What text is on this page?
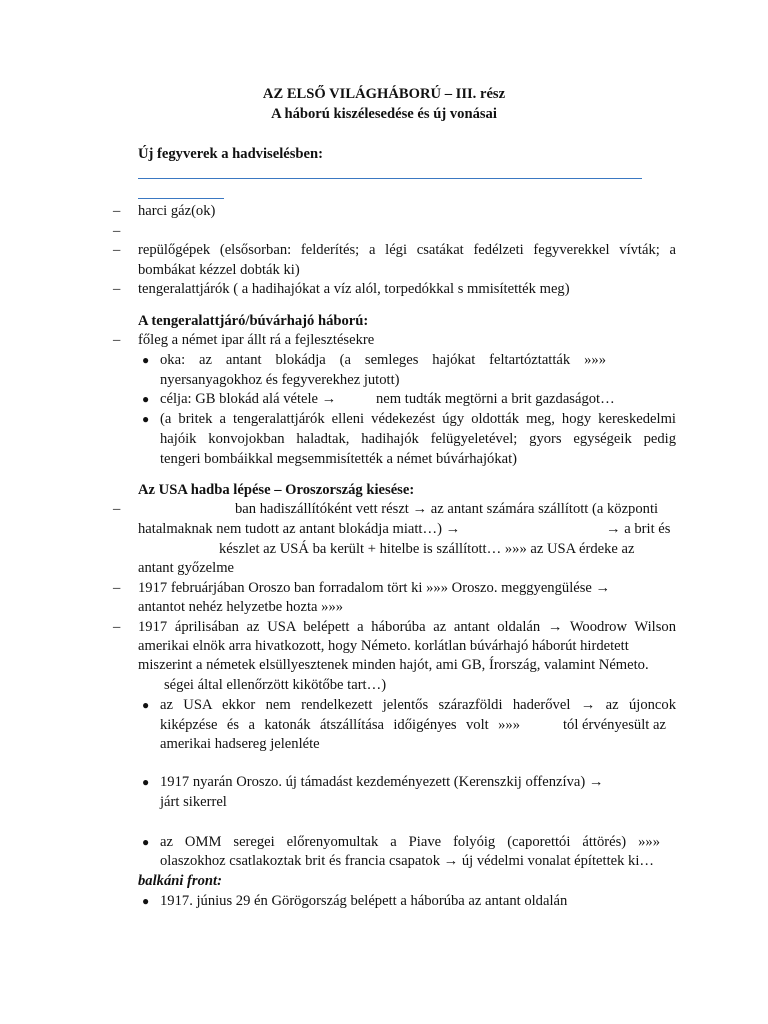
AZ ELSŐ VILÁGHÁBORÚ – III. rész
A háború kiszélesedése és új vonásai
Új fegyverek a hadviselésben:
– harci gáz(ok)
–
– repülőgépek (elsősorban: felderítés; a légi csatákat fedélzeti fegyverekkel vívták; a
bombákat kézzel dobták ki)
– tengeralattjárók ( a hadihajókat a víz alól, torpedókkal s mmisítették meg)
A tengeralattjáró/búvárhajó háború:
– főleg a német ipar állt rá a fejlesztésekre
● oka: az antant blokádja (a semleges hajókat feltartóztatták »»»
nyersanyagokhoz és fegyverekhez jutott)
● célja: GB blokád alá vétele →	nem tudták megtörni a brit gazdaságot…
● (a britek a tengeralattjárók elleni védekezést úgy oldották meg, hogy kereskedelmi
hajóik konvojokban haladtak, hadihajók felügyeletével; gyors egységeik pedig
tengeri bombáikkal megsemmisítették a német búvárhajókat)
Az USA hadba lépése – Oroszország kiesése:
–	ban hadiszállítóként vett részt → az antant számára szállított (a központi
hatalmaknak nem tudott az antant blokádja miatt…) →	→ a brit és
készlet az USÁ ba került + hitelbe is szállított… »»» az USA érdeke az
antant győzelme
– 1917 februárjában Oroszo ban forradalom tört ki »»» Oroszo. meggyengülése →
antantot nehéz helyzetbe hozta »»»
– 1917 áprilisában az USA belépett a háborúba az antant oldalán → Woodrow Wilson
amerikai elnök arra hivatkozott, hogy Németo. korlátlan búvárhajó háborút hirdetett
miszerint a németek elsüllyesztenek minden hajót, ami GB, Írország, valamint Németo.
ségei által ellenőrzött kikötőbe tart…)
● az USA ekkor nem rendelkezett jelentős szárazföldi haderővel → az újoncok
kiképzése és a katonák átszállítása időigényes volt »»»	tól érvényesült az
amerikai hadsereg jelenléte
● 1917 nyarán Oroszo. új támadást kezdeményezett (Kerenszkij offenzíva) →
járt sikerrel
● az OMM seregei előrenyomultak a Piave folyóig (caporettói áttörés) »»»
olaszokhoz csatlakoztak brit és francia csapatok → új védelmi vonalat építettek ki…
balkáni front:
● 1917. június 29 én Görögország belépett a háborúba az antant oldalán
